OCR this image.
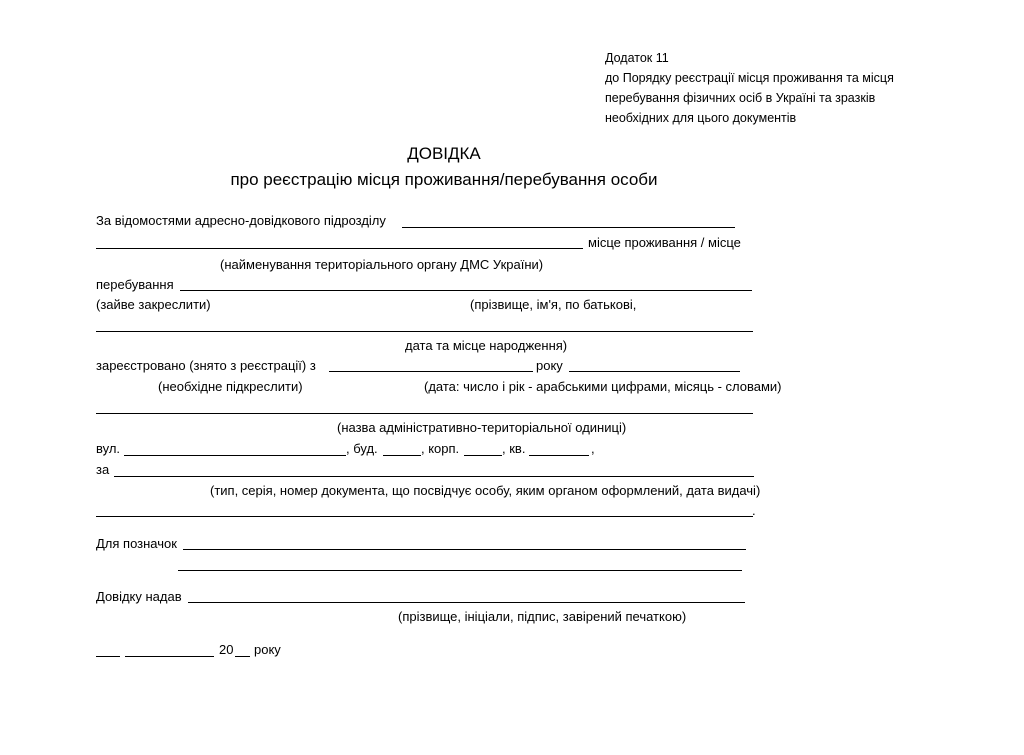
Додаток 11
до Порядку реєстрації місця проживання та місця
перебування фізичних осіб в Україні та зразків
необхідних для цього документів
ДОВІДКА
про реєстрацію місця проживання/перебування особи
За відомостями адресно-довідкового підрозділу
місце проживання / місце
(найменування територіального органу ДМС України)
перебування
(зайве закреслити)	(прізвище, ім'я, по батькові,
дата та місце народження)
зареєстровано (знято з реєстрації) з	року
(необхідне підкреслити)	(дата: число і рік - арабськими цифрами, місяць - словами)
(назва адміністративно-територіальної одиниці)
вул.	, буд.	, корп.	, кв.	,
за
(тип, серія, номер документа, що посвідчує особу, яким органом оформлений, дата видачі)
.
Для позначок
Довідку надав
(прізвище, ініціали, підпис, завірений печаткою)
20 року
